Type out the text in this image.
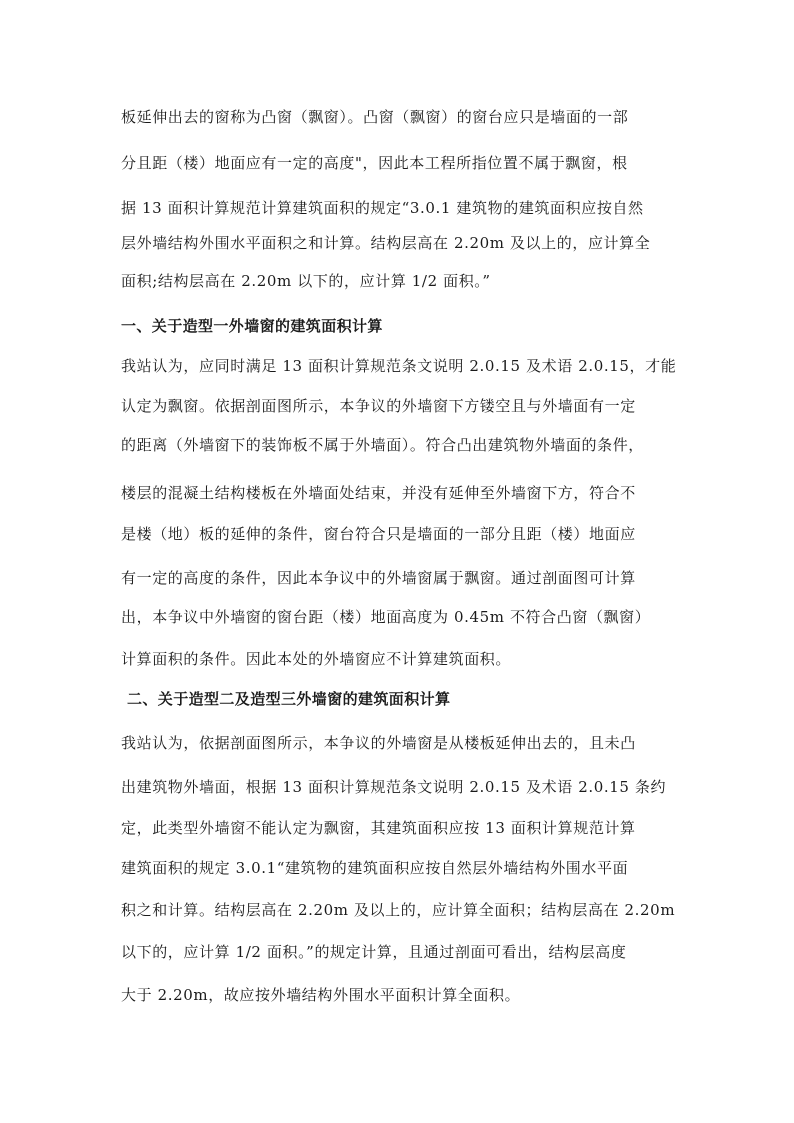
板延伸出去的窗称为凸窗（飘窗）。凸窗（飘窗）的窗台应只是墙面的一部
分且距（楼）地面应有一定的高度"，因此本工程所指位置不属于飘窗，根
据 13 面积计算规范计算建筑面积的规定“3.0.1 建筑物的建筑面积应按自然
层外墙结构外围水平面积之和计算。结构层高在 2.20m 及以上的，应计算全
面积;结构层高在 2.20m 以下的，应计算 1/2 面积。”
一、关于造型一外墙窗的建筑面积计算
我站认为，应同时满足 13 面积计算规范条文说明 2.0.15 及术语 2.0.15，才能
认定为飘窗。依据剖面图所示，本争议的外墙窗下方镂空且与外墙面有一定
的距离（外墙窗下的装饰板不属于外墙面）。符合凸出建筑物外墙面的条件，
楼层的混凝土结构楼板在外墙面处结束，并没有延伸至外墙窗下方，符合不
是楼（地）板的延伸的条件，窗台符合只是墙面的一部分且距（楼）地面应
有一定的高度的条件，因此本争议中的外墙窗属于飘窗。通过剖面图可计算
出，本争议中外墙窗的窗台距（楼）地面高度为 0.45m 不符合凸窗（飘窗）
计算面积的条件。因此本处的外墙窗应不计算建筑面积。
二、关于造型二及造型三外墙窗的建筑面积计算
我站认为，依据剖面图所示，本争议的外墙窗是从楼板延伸出去的，且未凸
出建筑物外墙面，根据 13 面积计算规范条文说明 2.0.15 及术语 2.0.15 条约
定，此类型外墙窗不能认定为飘窗，其建筑面积应按 13 面积计算规范计算
建筑面积的规定 3.0.1“建筑物的建筑面积应按自然层外墙结构外围水平面
积之和计算。结构层高在 2.20m 及以上的，应计算全面积；结构层高在 2.20m
以下的，应计算 1/2 面积。”的规定计算，且通过剖面可看出，结构层高度
大于 2.20m，故应按外墙结构外围水平面积计算全面积。
